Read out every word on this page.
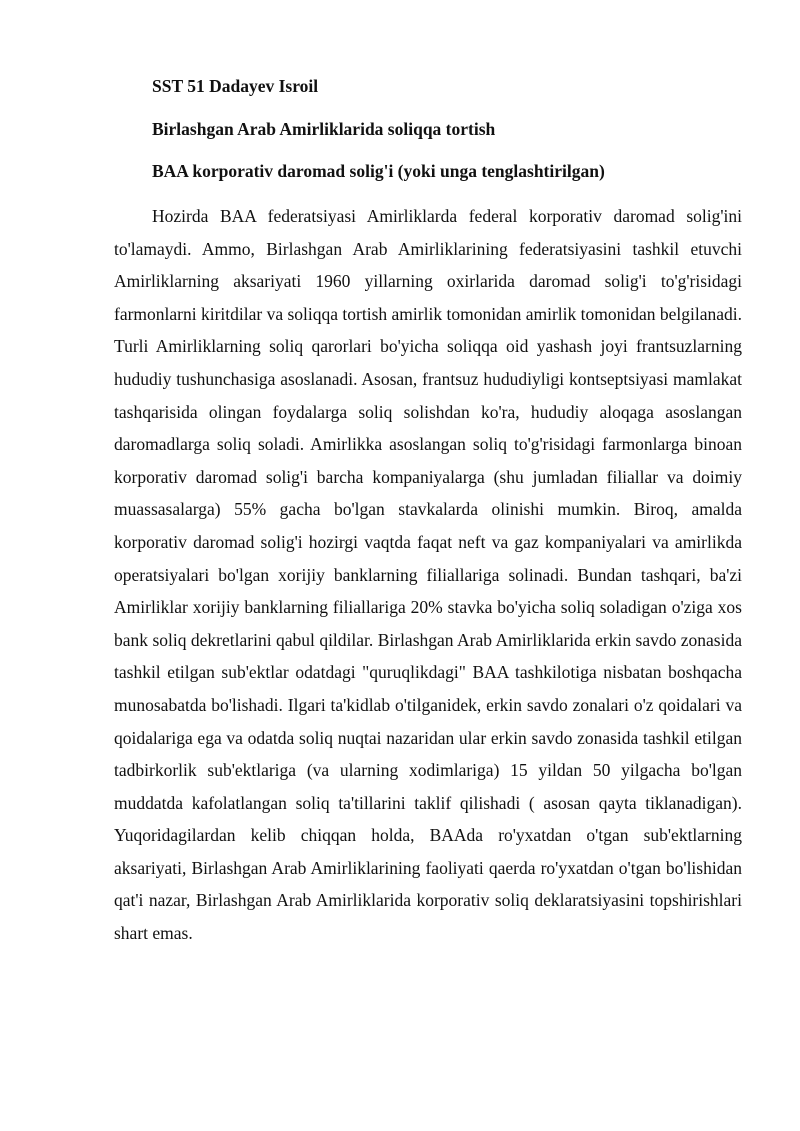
SST 51 Dadayev Isroil

Birlashgan Arab Amirliklarida soliqqa tortish

BAA korporativ daromad solig'i (yoki unga tenglashtirilgan)

Hozirda BAA federatsiyasi Amirliklarda federal korporativ daromad solig'ini to'lamaydi. Ammo, Birlashgan Arab Amirliklarining federatsiyasini tashkil etuvchi Amirliklarning aksariyati 1960 yillarning oxirlarida daromad solig'i to'g'risidagi farmonlarni kiritdilar va soliqqa tortish amirlik tomonidan amirlik tomonidan belgilanadi. Turli Amirliklarning soliq qarorlari bo'yicha soliqqa oid yashash joyi frantsuzlarning hududiy tushunchasiga asoslanadi. Asosan, frantsuz hududiyligi kontseptsiyasi mamlakat tashqarisida olingan foydalarga soliq solishdan ko'ra, hududiy aloqaga asoslangan daromadlarga soliq soladi. Amirlikka asoslangan soliq to'g'risidagi farmonlarga binoan korporativ daromad solig'i barcha kompaniyalarga (shu jumladan filiallar va doimiy muassasalarga) 55% gacha bo'lgan stavkalarda olinishi mumkin. Biroq, amalda korporativ daromad solig'i hozirgi vaqtda faqat neft va gaz kompaniyalari va amirlikda operatsiyalari bo'lgan xorijiy banklarning filiallariga solinadi. Bundan tashqari, ba'zi Amirliklar xorijiy banklarning filiallariga 20% stavka bo'yicha soliq soladigan o'ziga xos bank soliq dekretlarini qabul qildilar. Birlashgan Arab Amirliklarida erkin savdo zonasida tashkil etilgan sub'ektlar odatdagi "quruqlikdagi" BAA tashkilotiga nisbatan boshqacha munosabatda bo'lishadi. Ilgari ta'kidlab o'tilganidek, erkin savdo zonalari o'z qoidalari va qoidalariga ega va odatda soliq nuqtai nazaridan ular erkin savdo zonasida tashkil etilgan tadbirkorlik sub'ektlariga (va ularning xodimlariga) 15 yildan 50 yilgacha bo'lgan muddatda kafolatlangan soliq ta'tillarini taklif qilishadi ( asosan qayta tiklanadigan). Yuqoridagilardan kelib chiqqan holda, BAAda ro'yxatdan o'tgan sub'ektlarning aksariyati, Birlashgan Arab Amirliklarining faoliyati qaerda ro'yxatdan o'tgan bo'lishidan qat'i nazar, Birlashgan Arab Amirliklarida korporativ soliq deklaratsiyasini topshirishlari shart emas.
